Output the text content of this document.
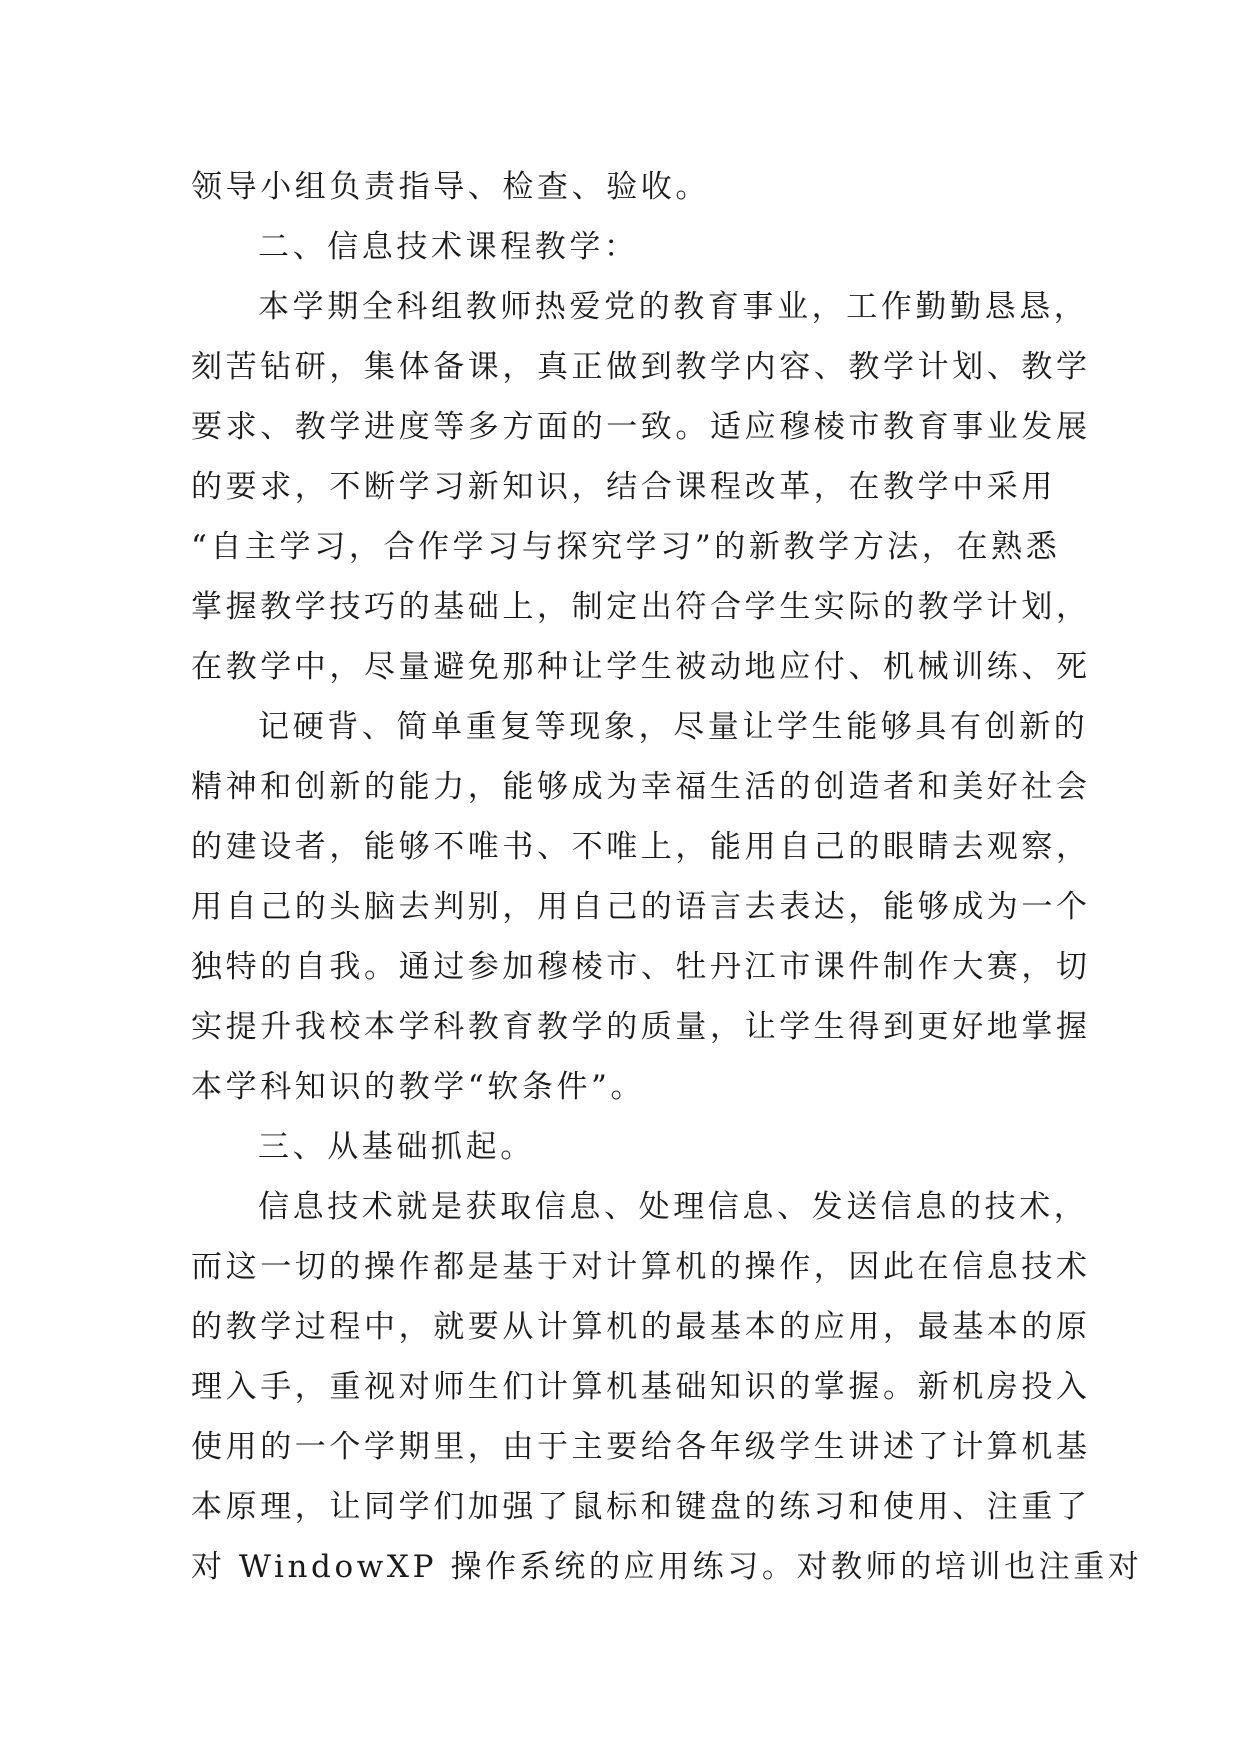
领导小组负责指导、检查、验收。
二、信息技术课程教学：
本学期全科组教师热爱党的教育事业，工作勤勤恳恳，
刻苦钻研，集体备课，真正做到教学内容、教学计划、教学
要求、教学进度等多方面的一致。适应穆棱市教育事业发展
的要求，不断学习新知识，结合课程改革，在教学中采用
“自主学习，合作学习与探究学习”的新教学方法，在熟悉
掌握教学技巧的基础上，制定出符合学生实际的教学计划，
在教学中，尽量避免那种让学生被动地应付、机械训练、死
记硬背、简单重复等现象，尽量让学生能够具有创新的
精神和创新的能力，能够成为幸福生活的创造者和美好社会
的建设者，能够不唯书、不唯上，能用自己的眼睛去观察，
用自己的头脑去判别，用自己的语言去表达，能够成为一个
独特的自我。通过参加穆棱市、牡丹江市课件制作大赛，切
实提升我校本学科教育教学的质量，让学生得到更好地掌握
本学科知识的教学“软条件”。
三、从基础抓起。
信息技术就是获取信息、处理信息、发送信息的技术，
而这一切的操作都是基于对计算机的操作，因此在信息技术
的教学过程中，就要从计算机的最基本的应用，最基本的原
理入手，重视对师生们计算机基础知识的掌握。新机房投入
使用的一个学期里，由于主要给各年级学生讲述了计算机基
本原理，让同学们加强了鼠标和键盘的练习和使用、注重了
对 WindowXP 操作系统的应用练习。对教师的培训也注重对
